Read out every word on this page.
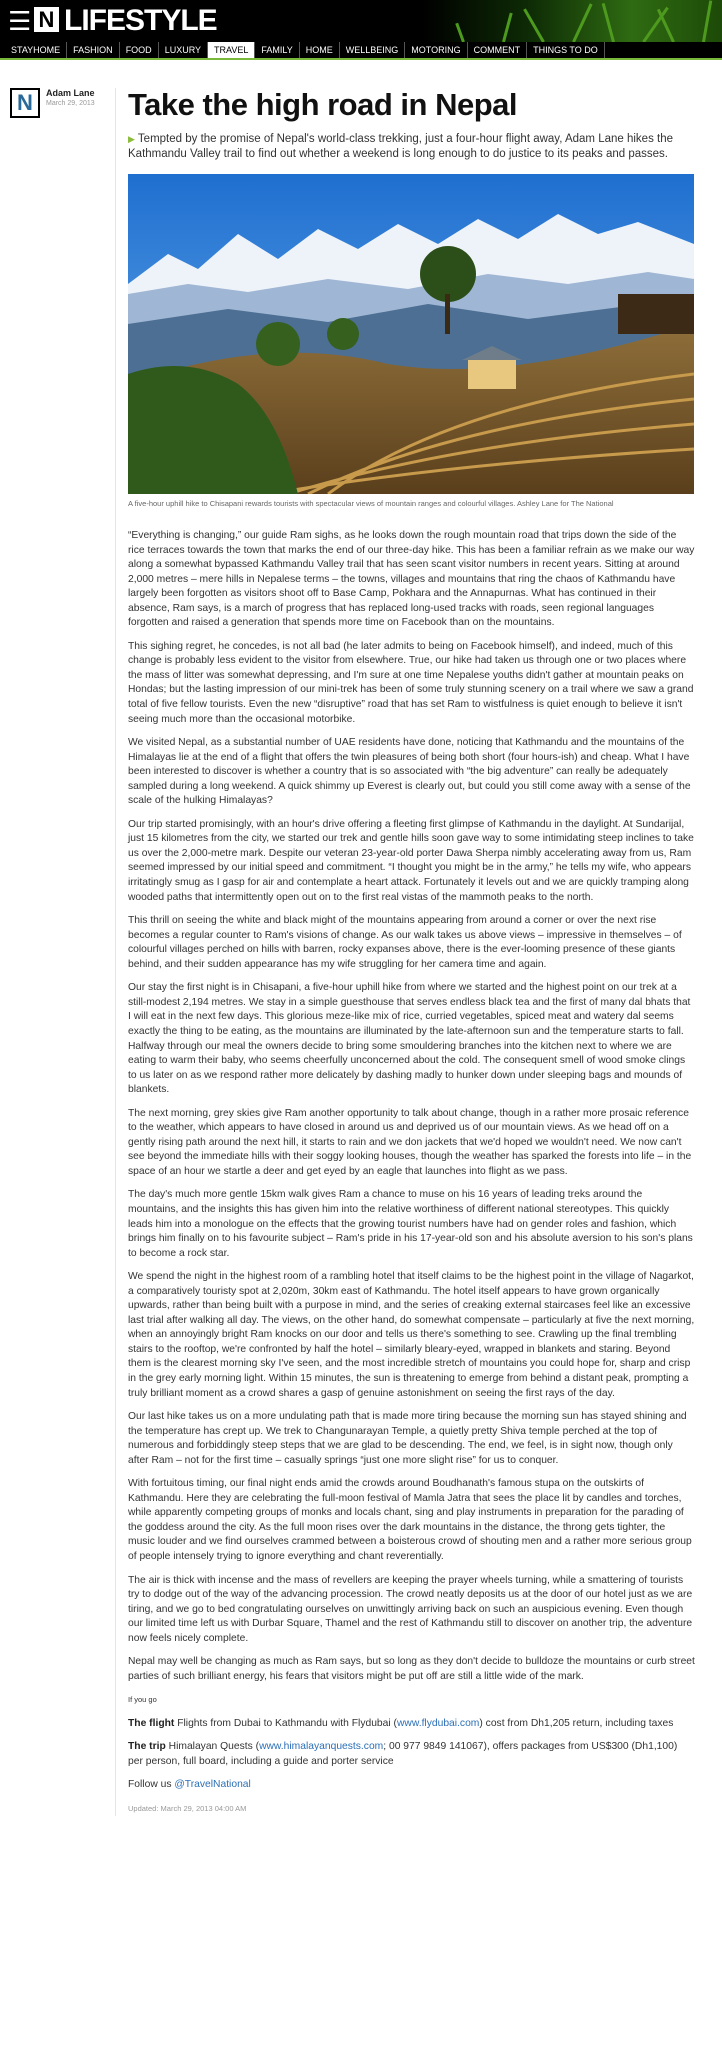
☰ N LIFESTYLE
STAYHOME	FASHION	FOOD	LUXURY	TRAVEL	FAMILY	HOME	WELLBEING	MOTORING	COMMENT	THINGS TO DO
N	Adam Lane
March 29, 2013 Take the high road in Nepal

▶ Tempted by the promise of Nepal's world-class trekking, just a four-hour flight away, Adam Lane hikes the Kathmandu Valley trail to find out whether a weekend is long enough to do justice to its peaks and passes.

A five-hour uphill hike to Chisapani rewards tourists with spectacular views of mountain ranges and colourful villages. Ashley Lane for The National

“Everything is changing,” our guide Ram sighs, as he looks down the rough mountain road that trips down the side of the rice terraces towards the town that marks the end of our three-day hike. This has been a familiar refrain as we make our way along a somewhat bypassed Kathmandu Valley trail that has seen scant visitor numbers in recent years. Sitting at around 2,000 metres – mere hills in Nepalese terms – the towns, villages and mountains that ring the chaos of Kathmandu have largely been forgotten as visitors shoot off to Base Camp, Pokhara and the Annapurnas. What has continued in their absence, Ram says, is a march of progress that has replaced long-used tracks with roads, seen regional languages forgotten and raised a generation that spends more time on Facebook than on the mountains.

This sighing regret, he concedes, is not all bad (he later admits to being on Facebook himself), and indeed, much of this change is probably less evident to the visitor from elsewhere. True, our hike had taken us through one or two places where the mass of litter was somewhat depressing, and I'm sure at one time Nepalese youths didn't gather at mountain peaks on Hondas; but the lasting impression of our mini-trek has been of some truly stunning scenery on a trail where we saw a grand total of five fellow tourists. Even the new “disruptive” road that has set Ram to wistfulness is quiet enough to believe it isn't seeing much more than the occasional motorbike.

We visited Nepal, as a substantial number of UAE residents have done, noticing that Kathmandu and the mountains of the Himalayas lie at the end of a flight that offers the twin pleasures of being both short (four hours-ish) and cheap. What I have been interested to discover is whether a country that is so associated with “the big adventure” can really be adequately sampled during a long weekend. A quick shimmy up Everest is clearly out, but could you still come away with a sense of the scale of the hulking Himalayas?

Our trip started promisingly, with an hour's drive offering a fleeting first glimpse of Kathmandu in the daylight. At Sundarijal, just 15 kilometres from the city, we started our trek and gentle hills soon gave way to some intimidating steep inclines to take us over the 2,000-metre mark. Despite our veteran 23-year-old porter Dawa Sherpa nimbly accelerating away from us, Ram seemed impressed by our initial speed and commitment. “I thought you might be in the army,” he tells my wife, who appears irritatingly smug as I gasp for air and contemplate a heart attack. Fortunately it levels out and we are quickly tramping along wooded paths that intermittently open out on to the first real vistas of the mammoth peaks to the north.

This thrill on seeing the white and black might of the mountains appearing from around a corner or over the next rise becomes a regular counter to Ram's visions of change. As our walk takes us above views – impressive in themselves – of colourful villages perched on hills with barren, rocky expanses above, there is the ever-looming presence of these giants behind, and their sudden appearance has my wife struggling for her camera time and again.

Our stay the first night is in Chisapani, a five-hour uphill hike from where we started and the highest point on our trek at a still-modest 2,194 metres. We stay in a simple guesthouse that serves endless black tea and the first of many dal bhats that I will eat in the next few days. This glorious meze-like mix of rice, curried vegetables, spiced meat and watery dal seems exactly the thing to be eating, as the mountains are illuminated by the late-afternoon sun and the temperature starts to fall. Halfway through our meal the owners decide to bring some smouldering branches into the kitchen next to where we are eating to warm their baby, who seems cheerfully unconcerned about the cold. The consequent smell of wood smoke clings to us later on as we respond rather more delicately by dashing madly to hunker down under sleeping bags and mounds of blankets.

The next morning, grey skies give Ram another opportunity to talk about change, though in a rather more prosaic reference to the weather, which appears to have closed in around us and deprived us of our mountain views. As we head off on a gently rising path around the next hill, it starts to rain and we don jackets that we'd hoped we wouldn't need. We now can't see beyond the immediate hills with their soggy looking houses, though the weather has sparked the forests into life – in the space of an hour we startle a deer and get eyed by an eagle that launches into flight as we pass.

The day's much more gentle 15km walk gives Ram a chance to muse on his 16 years of leading treks around the mountains, and the insights this has given him into the relative worthiness of different national stereotypes. This quickly leads him into a monologue on the effects that the growing tourist numbers have had on gender roles and fashion, which brings him finally on to his favourite subject – Ram's pride in his 17-year-old son and his absolute aversion to his son's plans to become a rock star.

We spend the night in the highest room of a rambling hotel that itself claims to be the highest point in the village of Nagarkot, a comparatively touristy spot at 2,020m, 30km east of Kathmandu. The hotel itself appears to have grown organically upwards, rather than being built with a purpose in mind, and the series of creaking external staircases feel like an excessive last trial after walking all day. The views, on the other hand, do somewhat compensate – particularly at five the next morning, when an annoyingly bright Ram knocks on our door and tells us there's something to see. Crawling up the final trembling stairs to the rooftop, we're confronted by half the hotel – similarly bleary-eyed, wrapped in blankets and staring. Beyond them is the clearest morning sky I've seen, and the most incredible stretch of mountains you could hope for, sharp and crisp in the grey early morning light. Within 15 minutes, the sun is threatening to emerge from behind a distant peak, prompting a truly brilliant moment as a crowd shares a gasp of genuine astonishment on seeing the first rays of the day.

Our last hike takes us on a more undulating path that is made more tiring because the morning sun has stayed shining and the temperature has crept up. We trek to Changunarayan Temple, a quietly pretty Shiva temple perched at the top of numerous and forbiddingly steep steps that we are glad to be descending. The end, we feel, is in sight now, though only after Ram – not for the first time – casually springs “just one more slight rise” for us to conquer.

With fortuitous timing, our final night ends amid the crowds around Boudhanath's famous stupa on the outskirts of Kathmandu. Here they are celebrating the full-moon festival of Mamla Jatra that sees the place lit by candles and torches, while apparently competing groups of monks and locals chant, sing and play instruments in preparation for the parading of the goddess around the city. As the full moon rises over the dark mountains in the distance, the throng gets tighter, the music louder and we find ourselves crammed between a boisterous crowd of shouting men and a rather more serious group of people intensely trying to ignore everything and chant reverentially.

The air is thick with incense and the mass of revellers are keeping the prayer wheels turning, while a smattering of tourists try to dodge out of the way of the advancing procession. The crowd neatly deposits us at the door of our hotel just as we are tiring, and we go to bed congratulating ourselves on unwittingly arriving back on such an auspicious evening. Even though our limited time left us with Durbar Square, Thamel and the rest of Kathmandu still to discover on another trip, the adventure now feels nicely complete.

Nepal may well be changing as much as Ram says, but so long as they don't decide to bulldoze the mountains or curb street parties of such brilliant energy, his fears that visitors might be put off are still a little wide of the mark.

If you go

The flight Flights from Dubai to Kathmandu with Flydubai (www.flydubai.com) cost from Dh1,205 return, including taxes

The trip Himalayan Quests (www.himalayanquests.com; 00 977 9849 141067), offers packages from US$300 (Dh1,100) per person, full board, including a guide and porter service

Follow us @TravelNational

Updated: March 29, 2013 04:00 AM
